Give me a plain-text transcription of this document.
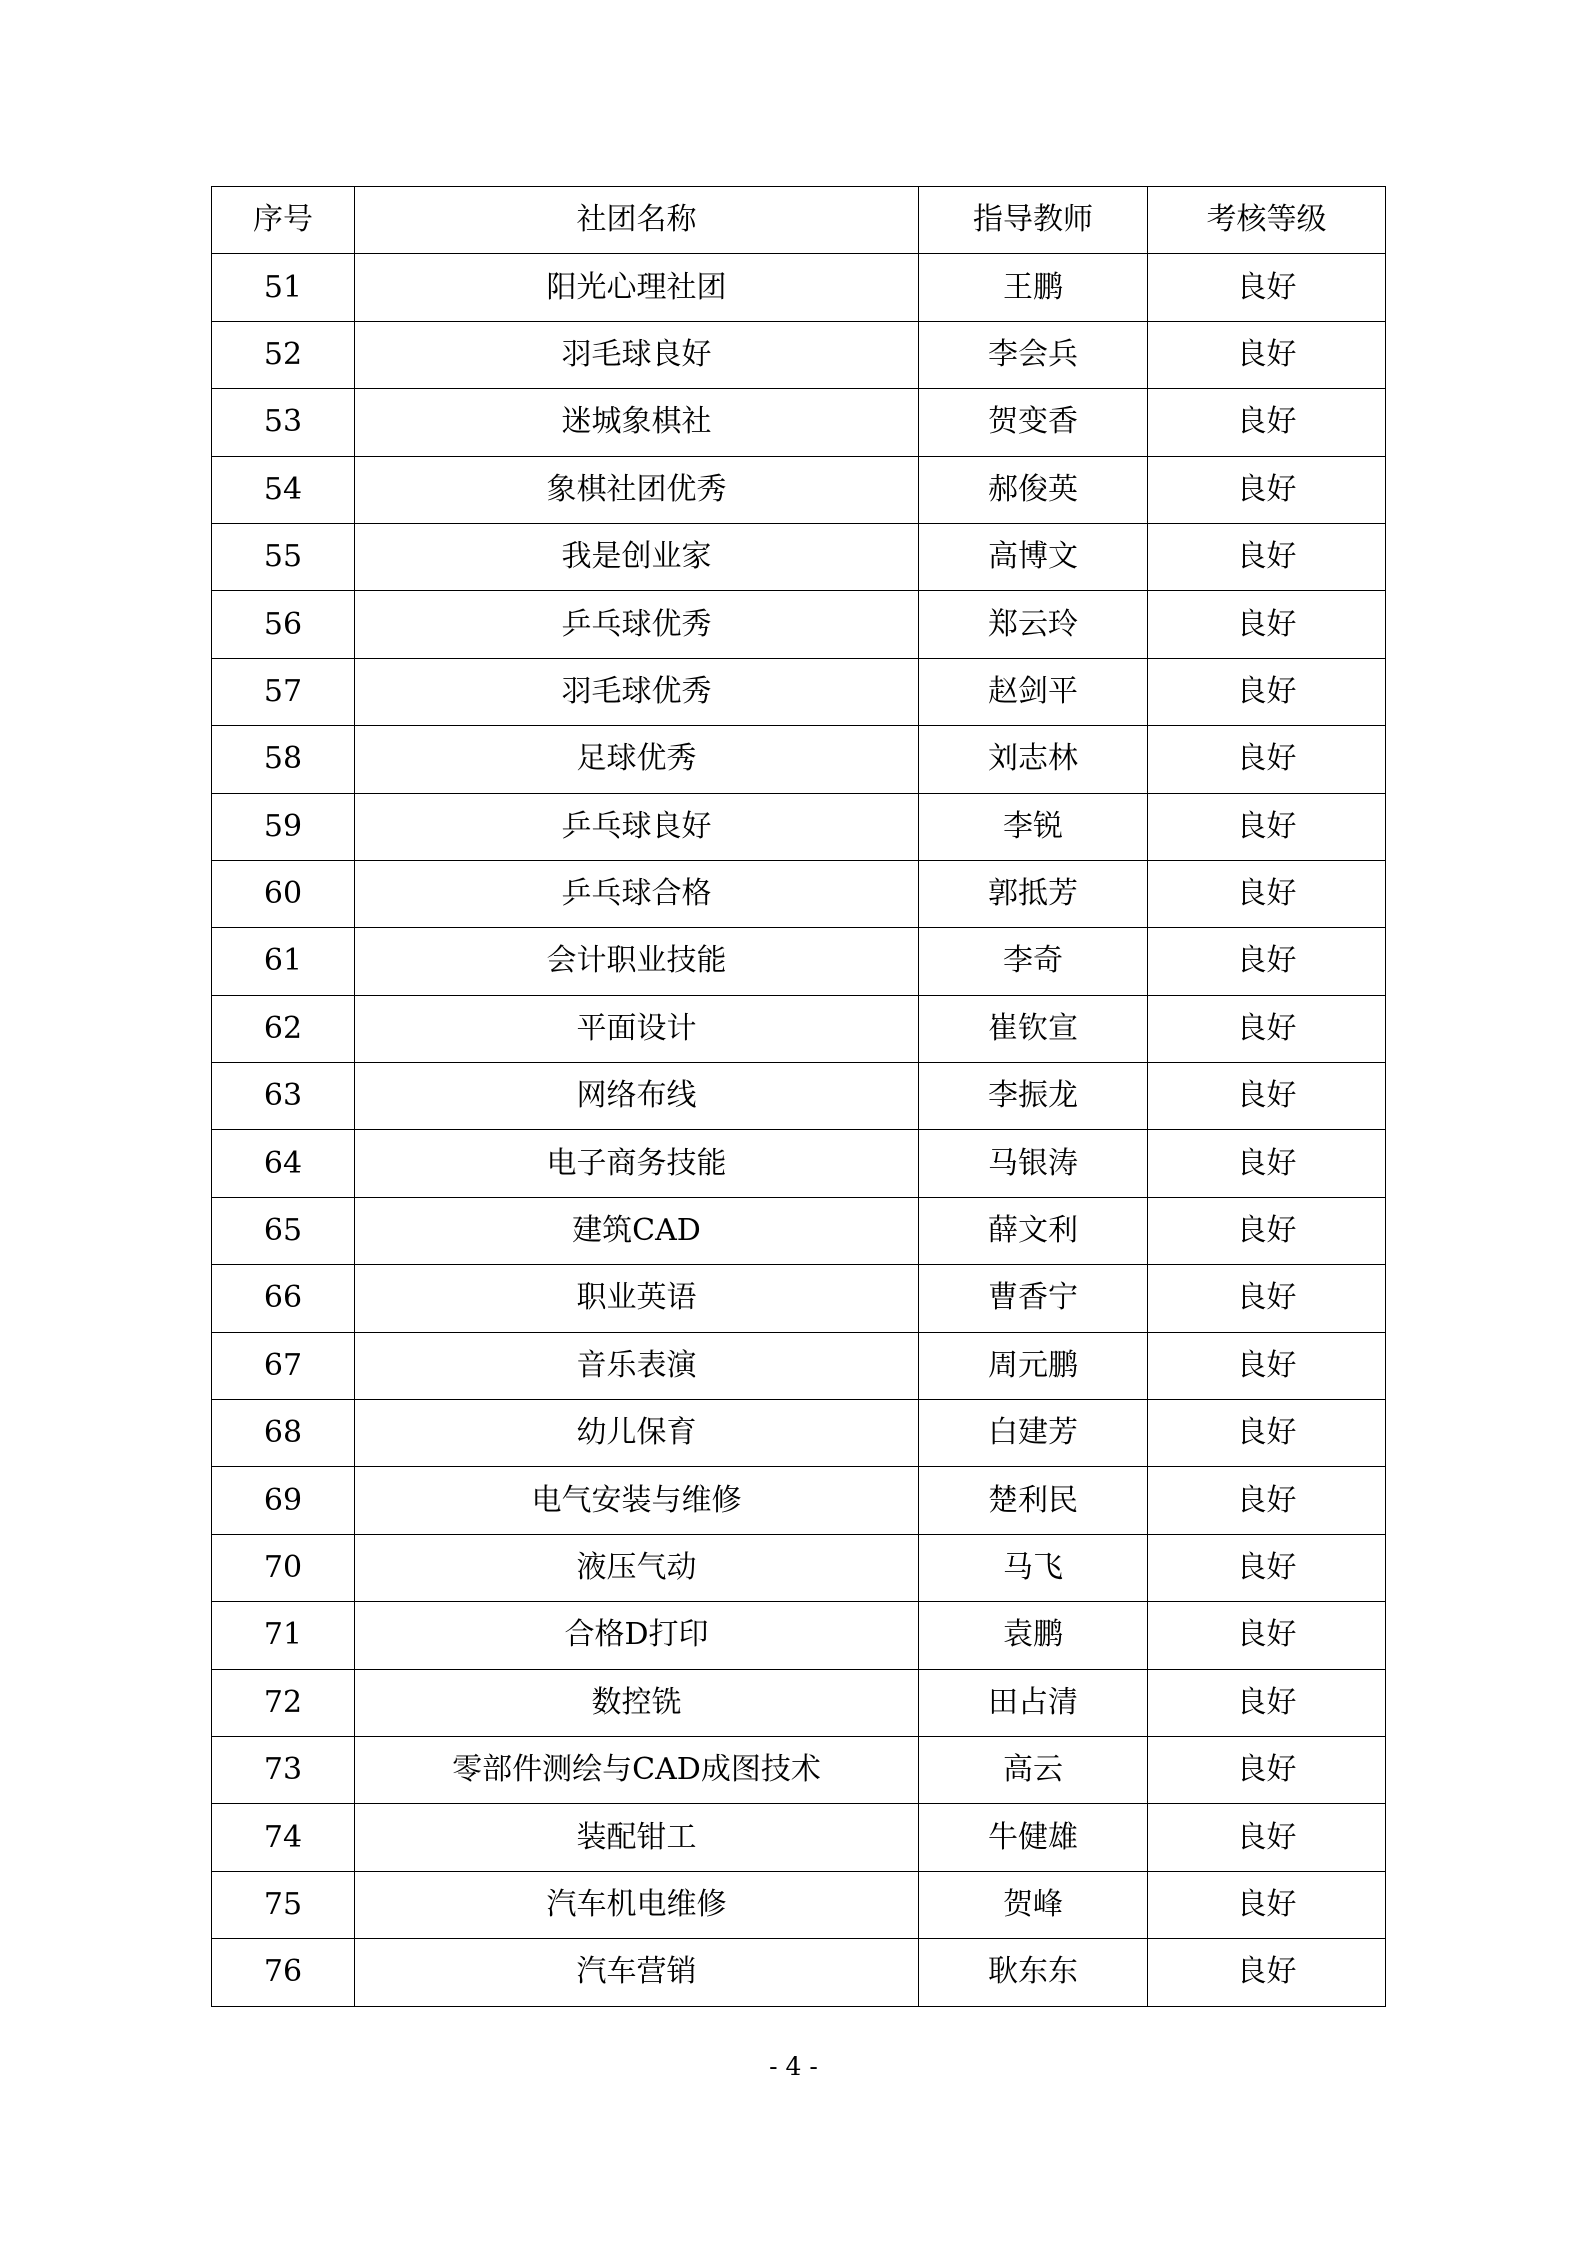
序号	社团名称	指导教师	考核等级
51	阳光心理社团	王鹏	良好
52	羽毛球良好	李会兵	良好
53	迷城象棋社	贺变香	良好
54	象棋社团优秀	郝俊英	良好
55	我是创业家	高博文	良好
56	乒乓球优秀	郑云玲	良好
57	羽毛球优秀	赵剑平	良好
58	足球优秀	刘志林	良好
59	乒乓球良好	李锐	良好
60	乒乓球合格	郭抵芳	良好
61	会计职业技能	李奇	良好
62	平面设计	崔钦宣	良好
63	网络布线	李振龙	良好
64	电子商务技能	马银涛	良好
65	建筑CAD	薛文利	良好
66	职业英语	曹香宁	良好
67	音乐表演	周元鹏	良好
68	幼儿保育	白建芳	良好
69	电气安装与维修	楚利民	良好
70	液压气动	马飞	良好
71	合格D打印	袁鹏	良好
72	数控铣	田占清	良好
73	零部件测绘与CAD成图技术	高云	良好
74	装配钳工	牛健雄	良好
75	汽车机电维修	贺峰	良好
76	汽车营销	耿东东	良好
- 4 -
